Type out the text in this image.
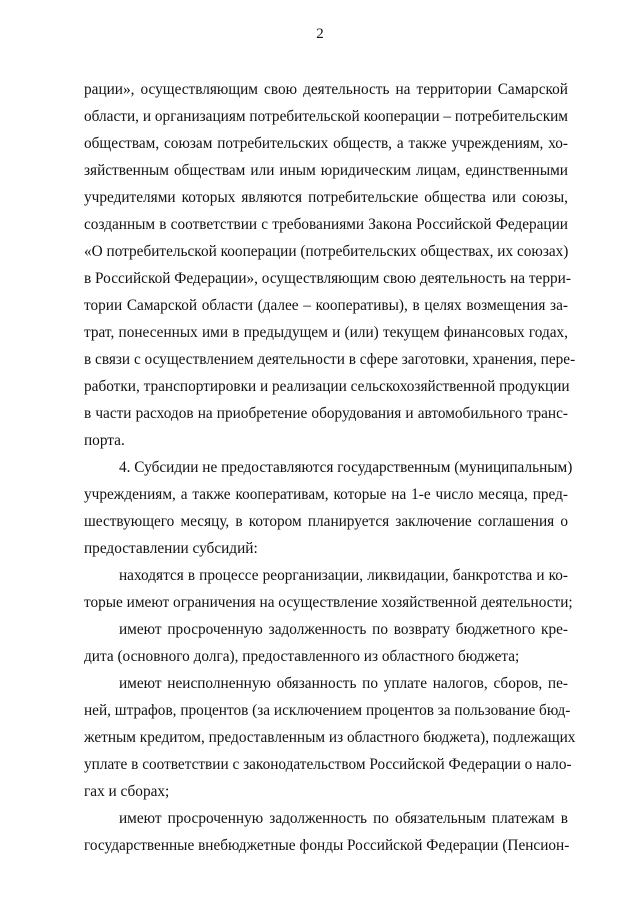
2
рации», осуществляющим свою деятельность на территории Самарской
области, и организациям потребительской кооперации – потребительским
обществам, союзам потребительских обществ, а также учреждениям, хо-
зяйственным обществам или иным юридическим лицам, единственными
учредителями которых являются потребительские общества или союзы,
созданным в соответствии с требованиями Закона Российской Федерации
«О потребительской кооперации (потребительских обществах, их союзах)
в Российской Федерации», осуществляющим свою деятельность на терри-
тории Самарской области (далее – кооперативы), в целях возмещения за-
трат, понесенных ими в предыдущем и (или) текущем финансовых годах,
в связи с осуществлением деятельности в сфере заготовки, хранения, пере-
работки, транспортировки и реализации сельскохозяйственной продукции
в части расходов на приобретение оборудования и автомобильного транс-
порта.
4. Субсидии не предоставляются государственным (муниципальным)
учреждениям, а также кооперативам, которые на 1-е число месяца, пред-
шествующего месяцу, в котором планируется заключение соглашения о
предоставлении субсидий:
находятся в процессе реорганизации, ликвидации, банкротства и ко-
торые имеют ограничения на осуществление хозяйственной деятельности;
имеют просроченную задолженность по возврату бюджетного кре-
дита (основного долга), предоставленного из областного бюджета;
имеют неисполненную обязанность по уплате налогов, сборов, пе-
ней, штрафов, процентов (за исключением процентов за пользование бюд-
жетным кредитом, предоставленным из областного бюджета), подлежащих
уплате в соответствии с законодательством Российской Федерации о нало-
гах и сборах;
имеют просроченную задолженность по обязательным платежам в
государственные внебюджетные фонды Российской Федерации (Пенсион-
